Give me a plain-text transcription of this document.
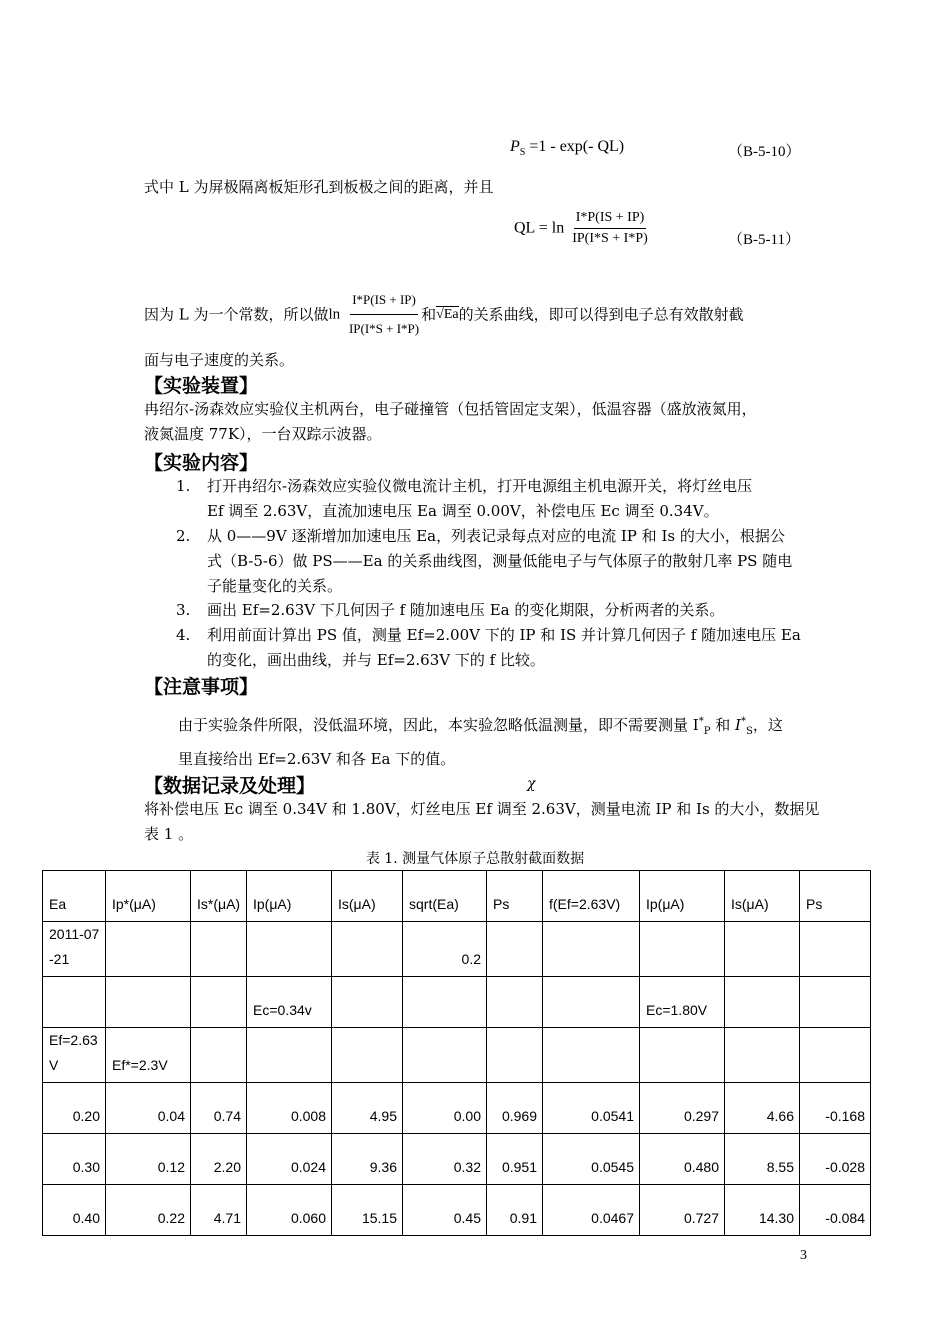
$P_S =1 - \exp(-$ QL)	（B-5-10）
式中 L 为屏极隔离板矩形孔到板极之间的距离，并且
QL = $\ln \frac{I*P(IS + IP)}{IP(I*S + I*P)}$	（B-5-11）
因为 L 为一个常数，所以做$\ln \frac{I*P(IS + IP)}{IP(I*S + I*P)}$ 和√Ea的关系曲线，即可以得到电子总有效散射截
面与电子速度的关系。
【实验装置】
冉绍尔-汤森效应实验仪主机两台，电子碰撞管（包括管固定支架），低温容器（盛放液氮用，
液氮温度 77K），一台双踪示波器。
【实验内容】
1. 打开冉绍尔-汤森效应实验仪微电流计主机，打开电源组主机电源开关，将灯丝电压
Ef 调至 2.63V，直流加速电压 Ea 调至 0.00V，补偿电压 Ec 调至 0.34V。
2. 从 0——9V 逐渐增加加速电压 Ea，列表记录每点对应的电流 IP 和 Is 的大小，根据公
式（B-5-6）做 PS——Ea 的关系曲线图，测量低能电子与气体原子的散射几率 PS 随电
子能量变化的关系。
3. 画出 Ef=2.63V 下几何因子 f 随加速电压 Ea 的变化期限，分析两者的关系。
4. 利用前面计算出 PS 值，测量 Ef=2.00V 下的 IP 和 IS 并计算几何因子 f 随加速电压 Ea
的变化，画出曲线，并与 Ef=2.63V 下的 f 比较。
【注意事项】
由于实验条件所限，没低温环境，因此，本实验忽略低温测量，即不需要测量 $I^*_P$ 和 $I^*_S$，这
里直接给出 Ef=2.63V 和各 Ea 下的值。
【数据记录及处理】	χ
将补偿电压 Ec 调至 0.34V 和 1.80V，灯丝电压 Ef 调至 2.63V，测量电流 IP 和 Is 的大小，数据见
表 1 。
表 1. 测量气体原子总散射截面数据
Ea	Ip*(μA)	Is*(μA)	Ip(μA)	Is(μA)	sqrt(Ea)	Ps	f(Ef=2.63V)	Ip(μA)	Is(μA)	Ps
2011-07-21					0.2					
			Ec=0.34v					Ec=1.80V		
Ef=2.63V	Ef*=2.3V									
0.20	0.04	0.74	0.008	4.95	0.00	0.969	0.0541	0.297	4.66	-0.168
0.30	0.12	2.20	0.024	9.36	0.32	0.951	0.0545	0.480	8.55	-0.028
0.40	0.22	4.71	0.060	15.15	0.45	0.91	0.0467	0.727	14.30	-0.084
3
